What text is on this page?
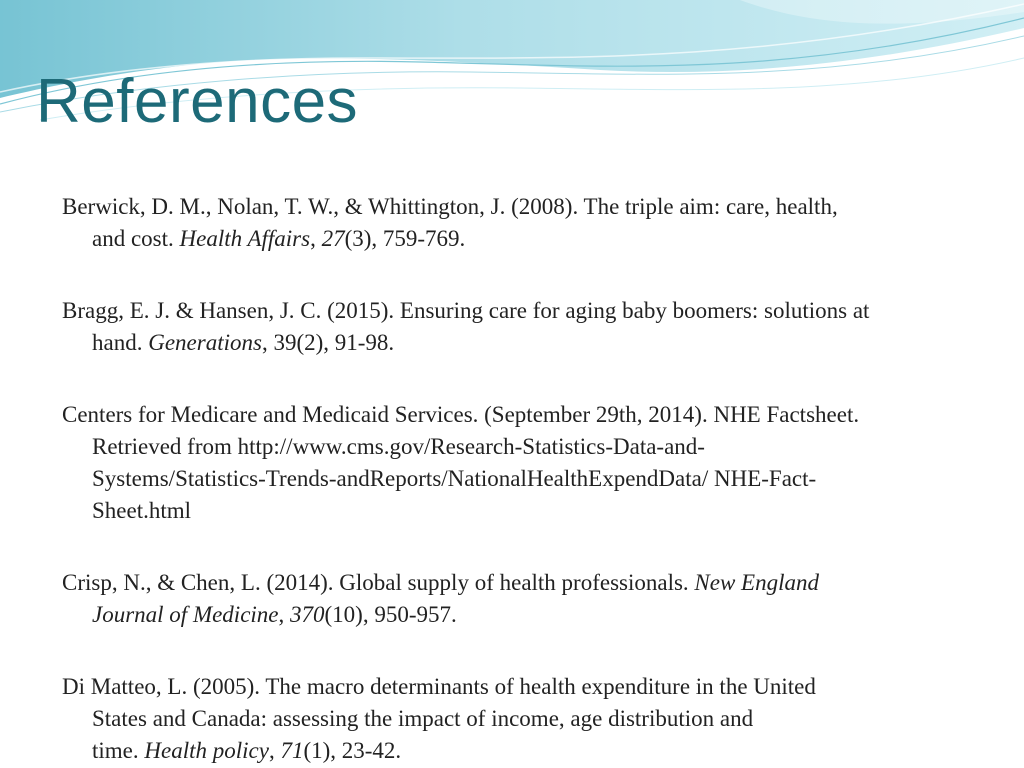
References

Berwick, D. M., Nolan, T. W., & Whittington, J. (2008). The triple aim: care, health,
and cost. Health Affairs, 27(3), 759-769.

Bragg, E. J. & Hansen, J. C. (2015). Ensuring care for aging baby boomers: solutions at
hand. Generations, 39(2), 91-98.

Centers for Medicare and Medicaid Services. (September 29th, 2014). NHE Factsheet.
Retrieved from http://www.cms.gov/Research-Statistics-Data-and-
Systems/Statistics-Trends-andReports/NationalHealthExpendData/ NHE-Fact-
Sheet.html

Crisp, N., & Chen, L. (2014). Global supply of health professionals. New England
Journal of Medicine, 370(10), 950-957.

Di Matteo, L. (2005). The macro determinants of health expenditure in the United
States and Canada: assessing the impact of income, age distribution and
time. Health policy, 71(1), 23-42.
